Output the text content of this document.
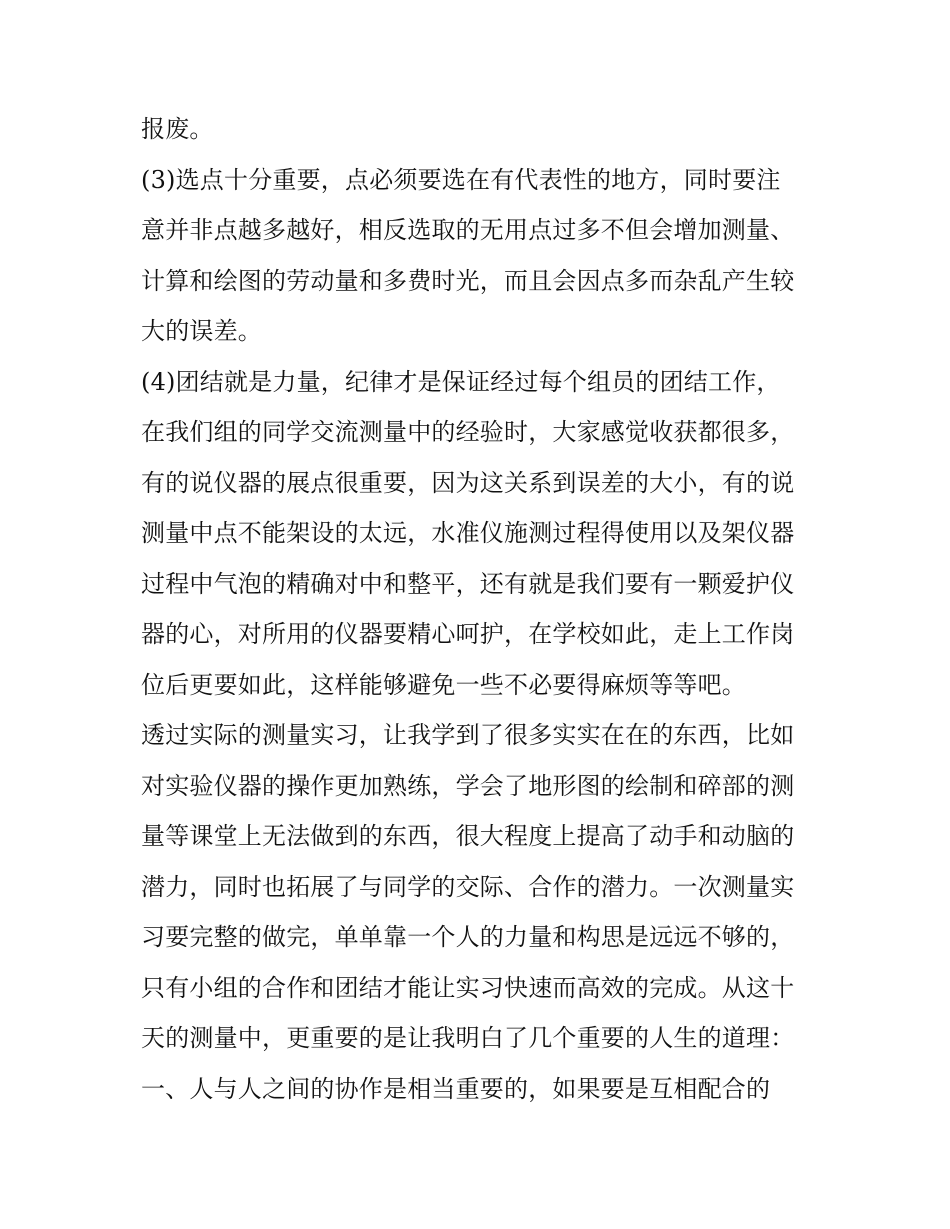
报废。
(3)选点十分重要，点必须要选在有代表性的地方，同时要注
意并非点越多越好，相反选取的无用点过多不但会增加测量、
计算和绘图的劳动量和多费时光，而且会因点多而杂乱产生较
大的误差。
(4)团结就是力量，纪律才是保证经过每个组员的团结工作，
在我们组的同学交流测量中的经验时，大家感觉收获都很多，
有的说仪器的展点很重要，因为这关系到误差的大小，有的说
测量中点不能架设的太远，水准仪施测过程得使用以及架仪器
过程中气泡的精确对中和整平，还有就是我们要有一颗爱护仪
器的心，对所用的仪器要精心呵护，在学校如此，走上工作岗
位后更要如此，这样能够避免一些不必要得麻烦等等吧。
透过实际的测量实习，让我学到了很多实实在在的东西，比如
对实验仪器的操作更加熟练，学会了地形图的绘制和碎部的测
量等课堂上无法做到的东西，很大程度上提高了动手和动脑的
潜力，同时也拓展了与同学的交际、合作的潜力。一次测量实
习要完整的做完，单单靠一个人的力量和构思是远远不够的，
只有小组的合作和团结才能让实习快速而高效的完成。从这十
天的测量中，更重要的是让我明白了几个重要的人生的道理：
一、人与人之间的协作是相当重要的，如果要是互相配合的
